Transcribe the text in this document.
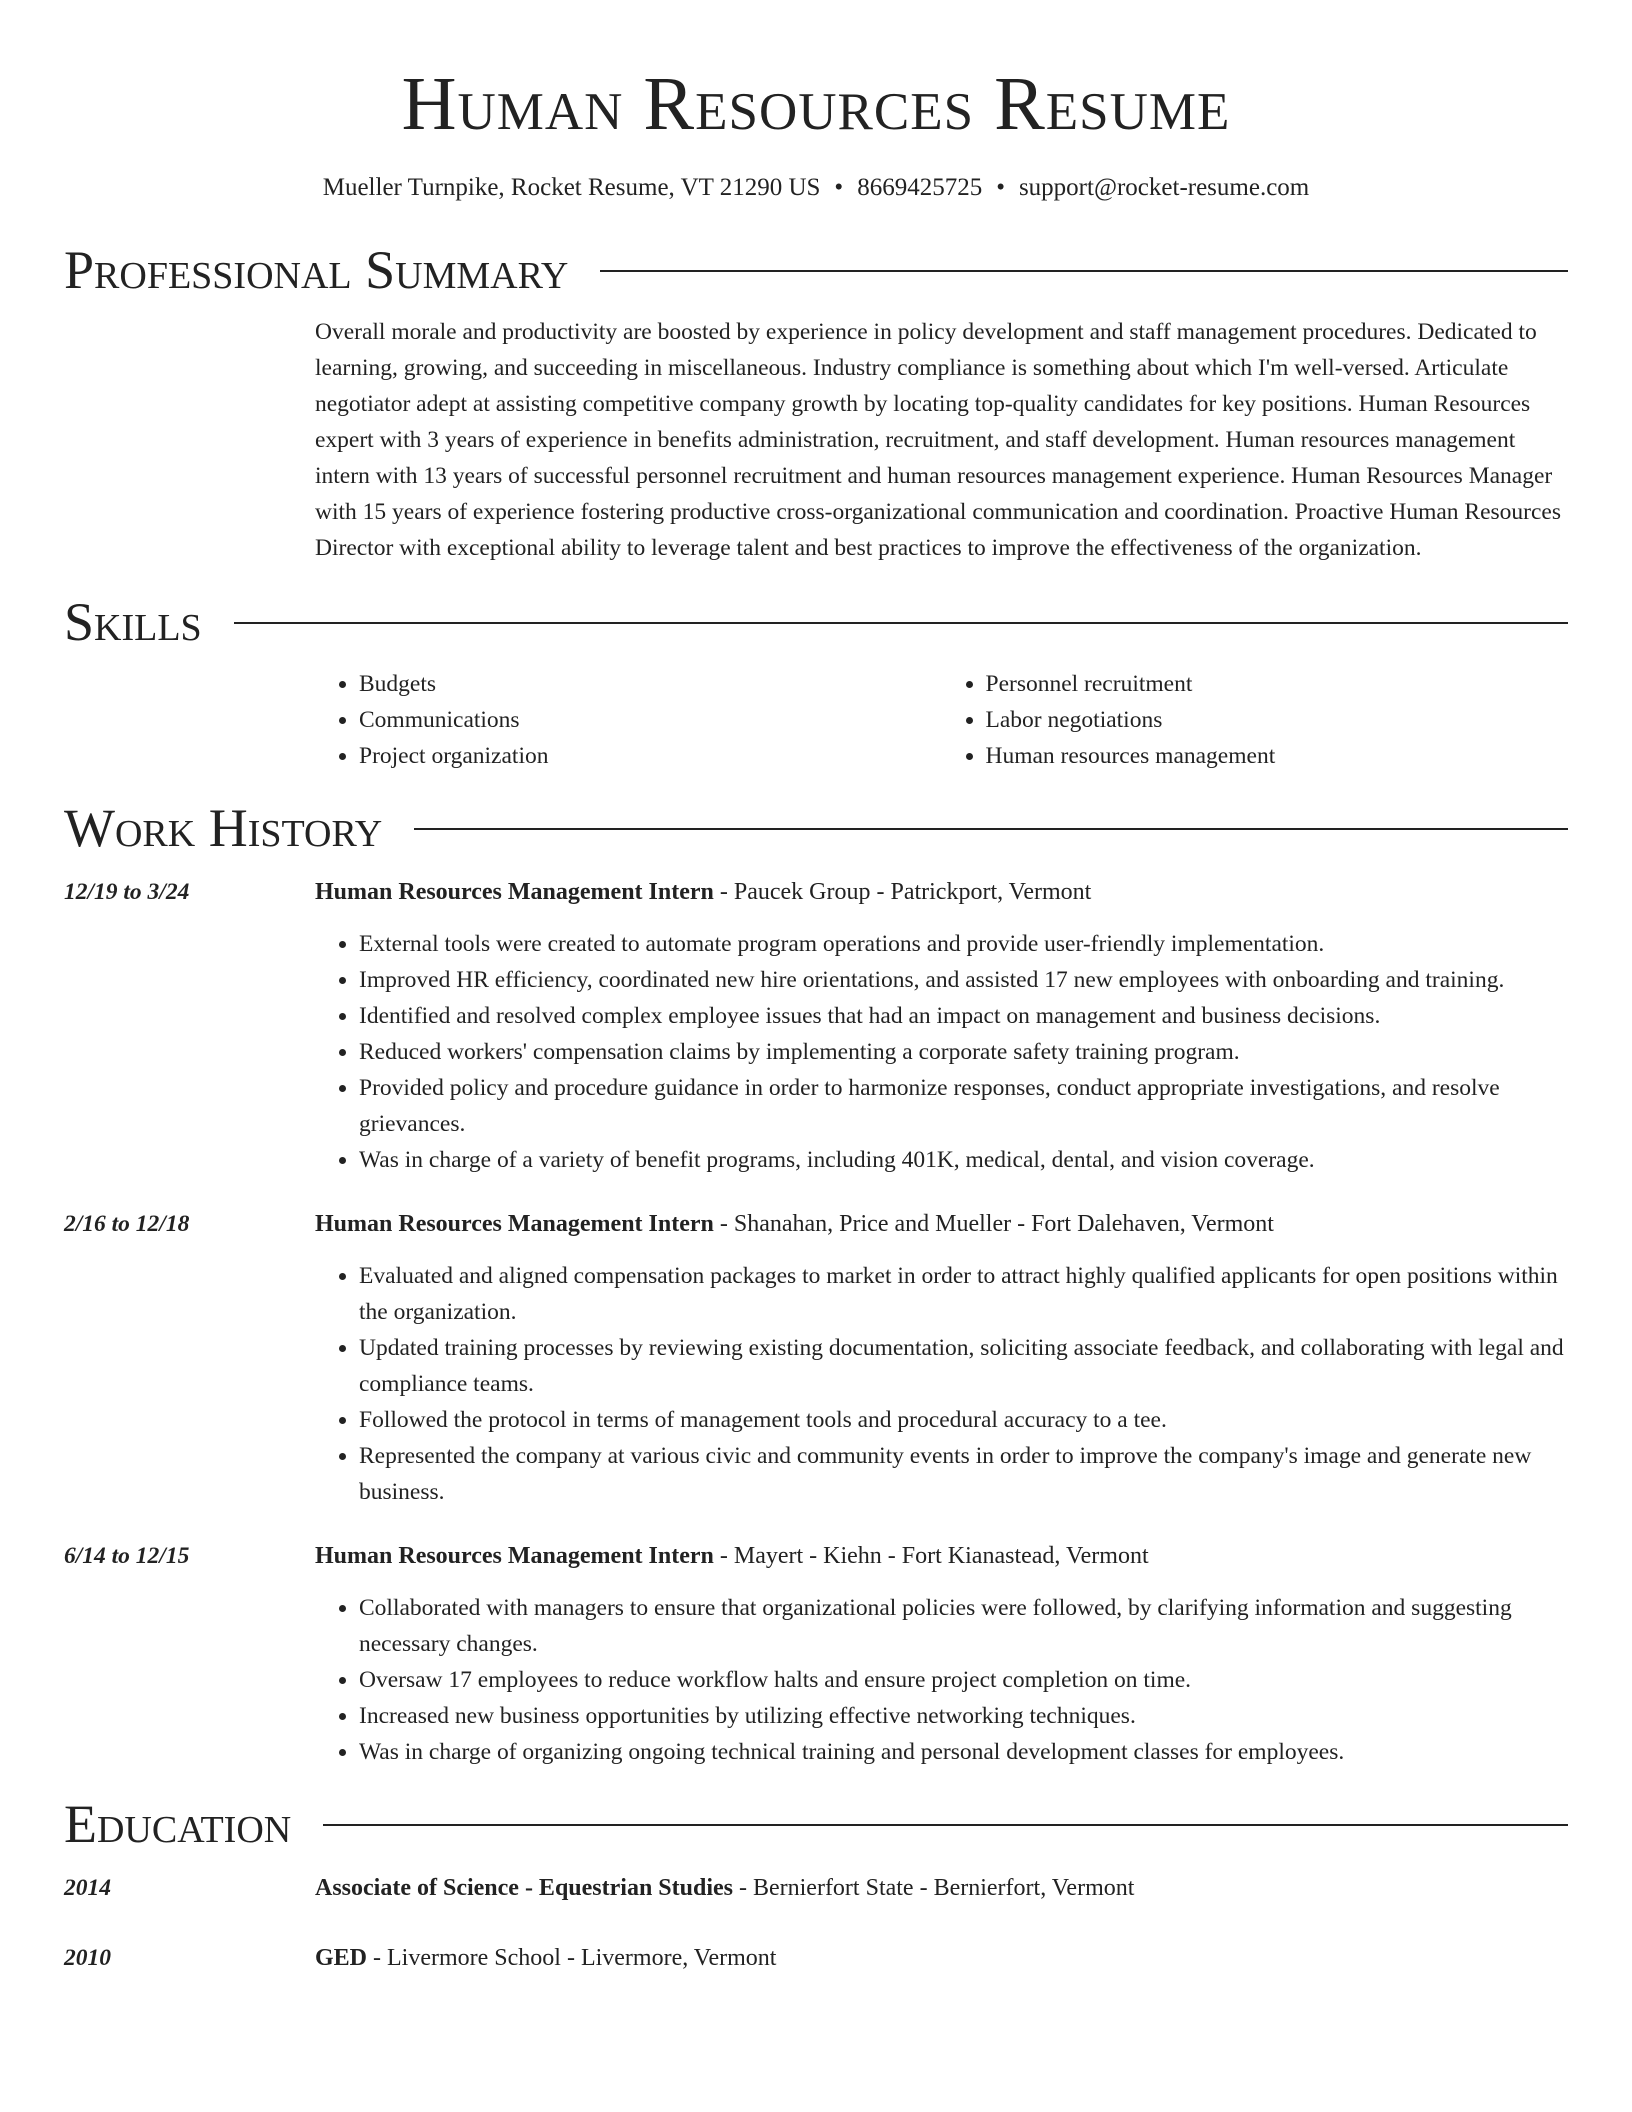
Human Resources Resume
Mueller Turnpike, Rocket Resume, VT 21290 US • 8669425725 • support@rocket-resume.com
Professional Summary
Overall morale and productivity are boosted by experience in policy development and staff management procedures. Dedicated to learning, growing, and succeeding in miscellaneous. Industry compliance is something about which I'm well-versed. Articulate negotiator adept at assisting competitive company growth by locating top-quality candidates for key positions. Human Resources expert with 3 years of experience in benefits administration, recruitment, and staff development. Human resources management intern with 13 years of successful personnel recruitment and human resources management experience. Human Resources Manager with 15 years of experience fostering productive cross-organizational communication and coordination. Proactive Human Resources Director with exceptional ability to leverage talent and best practices to improve the effectiveness of the organization.
Skills
• Budgets
• Communications
• Project organization
• Personnel recruitment
• Labor negotiations
• Human resources management
Work History
12/19 to 3/24	Human Resources Management Intern - Paucek Group - Patrickport, Vermont
• External tools were created to automate program operations and provide user-friendly implementation.
• Improved HR efficiency, coordinated new hire orientations, and assisted 17 new employees with onboarding and training.
• Identified and resolved complex employee issues that had an impact on management and business decisions.
• Reduced workers' compensation claims by implementing a corporate safety training program.
• Provided policy and procedure guidance in order to harmonize responses, conduct appropriate investigations, and resolve grievances.
• Was in charge of a variety of benefit programs, including 401K, medical, dental, and vision coverage.
2/16 to 12/18	Human Resources Management Intern - Shanahan, Price and Mueller - Fort Dalehaven, Vermont
• Evaluated and aligned compensation packages to market in order to attract highly qualified applicants for open positions within the organization.
• Updated training processes by reviewing existing documentation, soliciting associate feedback, and collaborating with legal and compliance teams.
• Followed the protocol in terms of management tools and procedural accuracy to a tee.
• Represented the company at various civic and community events in order to improve the company's image and generate new business.
6/14 to 12/15	Human Resources Management Intern - Mayert - Kiehn - Fort Kianastead, Vermont
• Collaborated with managers to ensure that organizational policies were followed, by clarifying information and suggesting necessary changes.
• Oversaw 17 employees to reduce workflow halts and ensure project completion on time.
• Increased new business opportunities by utilizing effective networking techniques.
• Was in charge of organizing ongoing technical training and personal development classes for employees.
Education
2014	Associate of Science - Equestrian Studies - Bernierfort State - Bernierfort, Vermont
2010	GED - Livermore School - Livermore, Vermont
